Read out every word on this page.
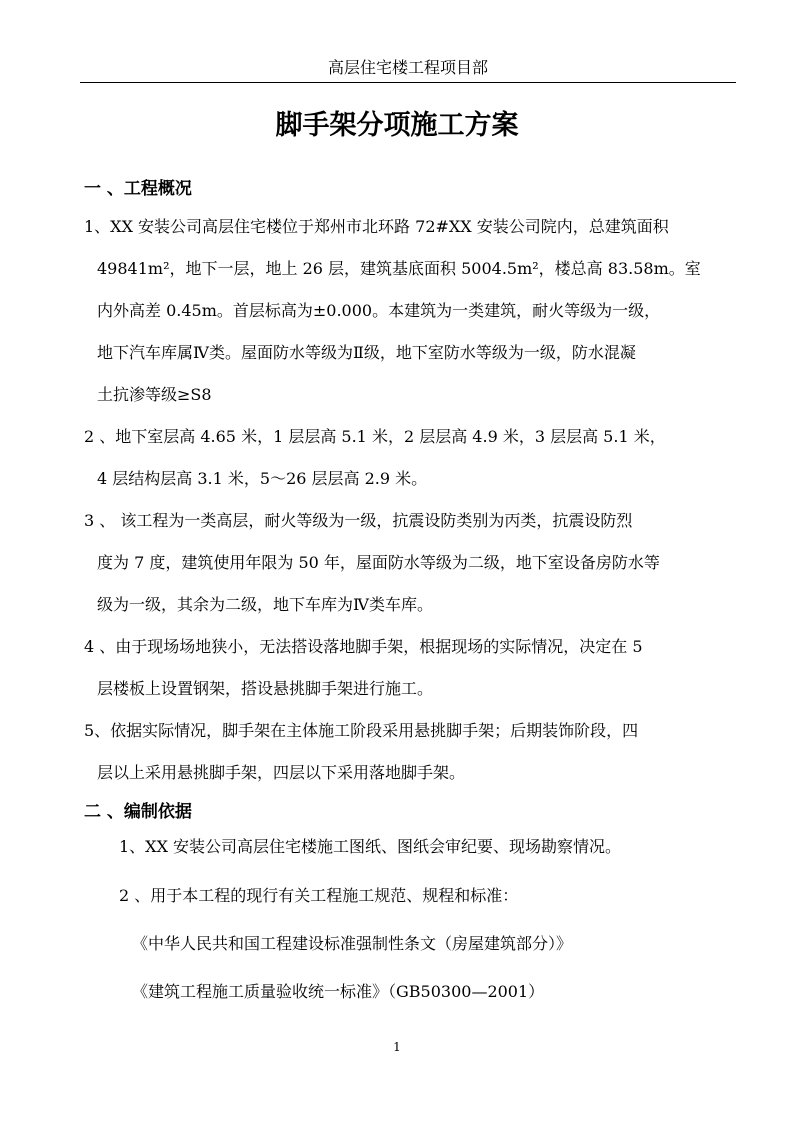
高层住宅楼工程项目部
脚手架分项施工方案
一 、工程概况
1、XX 安装公司高层住宅楼位于郑州市北环路 72#XX 安装公司院内，总建筑面积
49841m²，地下一层，地上 26 层，建筑基底面积 5004.5m²，楼总高 83.58m。室
内外高差 0.45m。首层标高为±0.000。本建筑为一类建筑，耐火等级为一级，
地下汽车库属Ⅳ类。屋面防水等级为Ⅱ级，地下室防水等级为一级，防水混凝
土抗渗等级≥S8
2 、地下室层高 4.65 米，1 层层高 5.1 米，2 层层高 4.9 米，3 层层高 5.1 米，
4 层结构层高 3.1 米，5～26 层层高 2.9 米。
3 、 该工程为一类高层，耐火等级为一级，抗震设防类别为丙类，抗震设防烈
度为 7 度，建筑使用年限为 50 年，屋面防水等级为二级，地下室设备房防水等
级为一级，其余为二级，地下车库为Ⅳ类车库。
4 、由于现场场地狭小，无法搭设落地脚手架，根据现场的实际情况，决定在 5
层楼板上设置钢架，搭设悬挑脚手架进行施工。
5、依据实际情况，脚手架在主体施工阶段采用悬挑脚手架；后期装饰阶段，四
层以上采用悬挑脚手架，四层以下采用落地脚手架。
二 、编制依据
1、XX 安装公司高层住宅楼施工图纸、图纸会审纪要、现场勘察情况。
2 、用于本工程的现行有关工程施工规范、规程和标准：
《中华人民共和国工程建设标准强制性条文（房屋建筑部分）》
《建筑工程施工质量验收统一标准》（GB50300—2001）
1
